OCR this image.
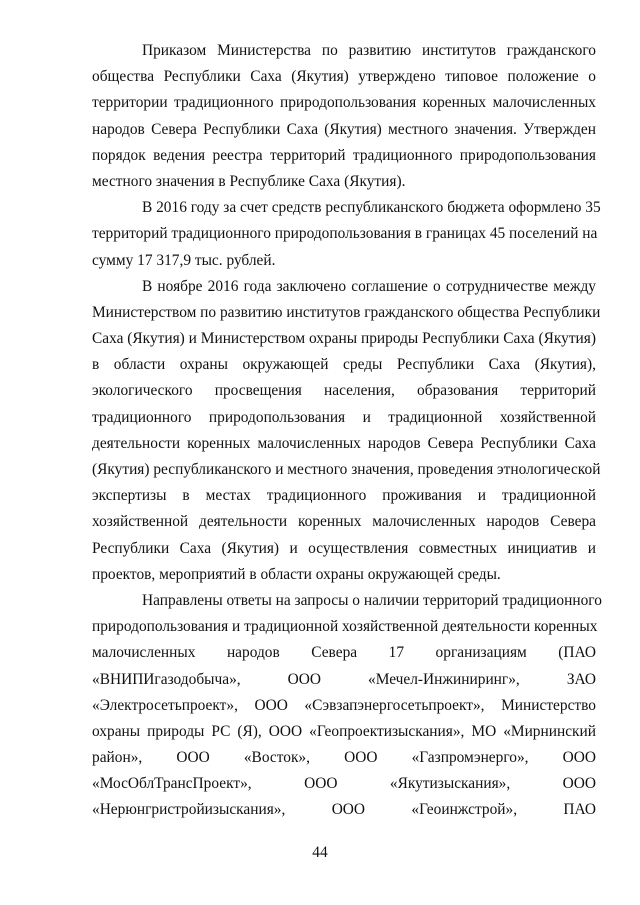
Приказом Министерства по развитию институтов гражданского
общества Республики Саха (Якутия) утверждено типовое положение о
территории традиционного природопользования коренных малочисленных
народов Севера Республики Саха (Якутия) местного значения. Утвержден
порядок ведения реестра территорий традиционного природопользования
местного значения в Республике Саха (Якутия).
В 2016 году за счет средств республиканского бюджета оформлено 35
территорий традиционного природопользования в границах 45 поселений на
сумму 17 317,9 тыс. рублей.
В ноябре 2016 года заключено соглашение о сотрудничестве между
Министерством по развитию институтов гражданского общества Республики
Саха (Якутия) и Министерством охраны природы Республики Саха (Якутия)
в области охраны окружающей среды Республики Саха (Якутия),
экологического просвещения населения, образования территорий
традиционного природопользования и традиционной хозяйственной
деятельности коренных малочисленных народов Севера Республики Саха
(Якутия) республиканского и местного значения, проведения этнологической
экспертизы в местах традиционного проживания и традиционной
хозяйственной деятельности коренных малочисленных народов Севера
Республики Саха (Якутия) и осуществления совместных инициатив и
проектов, мероприятий в области охраны окружающей среды.
Направлены ответы на запросы о наличии территорий традиционного
природопользования и традиционной хозяйственной деятельности коренных
малочисленных народов Севера 17 организациям (ПАО
«ВНИПИгазодобыча», ООО «Мечел-Инжиниринг», ЗАО
«Электросетьпроект», ООО «Сэвзапэнергосетьпроект», Министерство
охраны природы РС (Я), ООО «Геопроектизыскания», МО «Мирнинский
район», ООО «Восток», ООО «Газпромэнерго», ООО
«МосОблТрансПроект», ООО «Якутизыскания», ООО
«Нерюнгристройизыскания», ООО «Геоинжстрой», ПАО
44
